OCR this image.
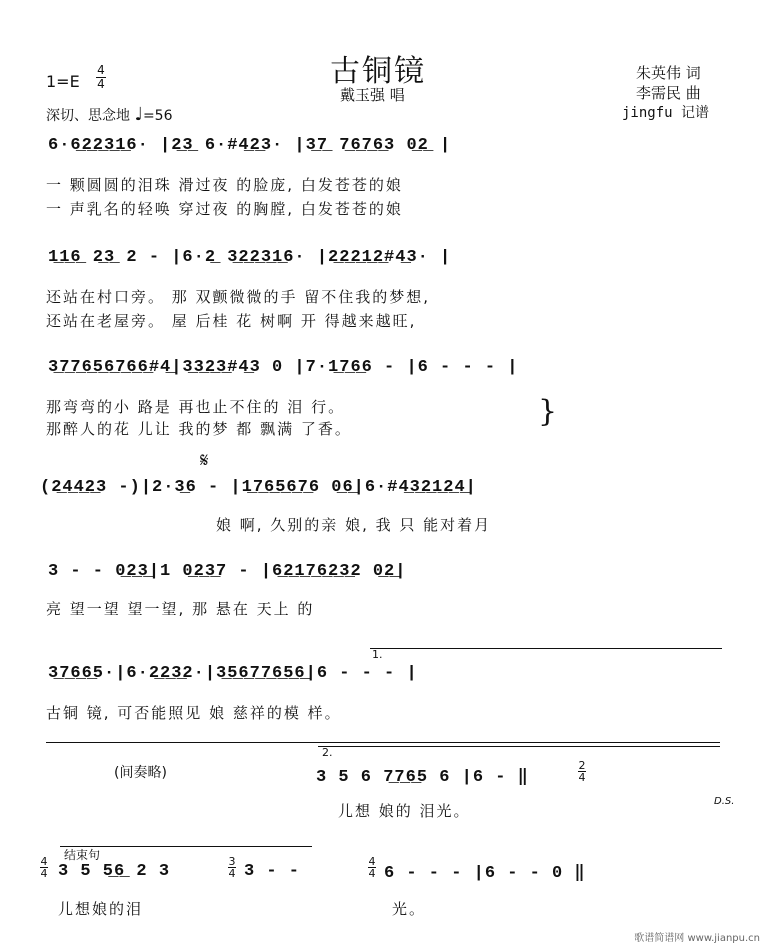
古铜镜
戴玉强 唱
朱英伟 词
李需民 曲
jingfu 记谱
1=E
4
4
深切、思念地 ♩=56
6·6̲2̲2̲3̲1̲6· |2̲3̲ 6·#4̲2̲3· |3̲7̲ 7̲6̲7̲6̲3 0̲2̲ |
一 颗圆圆的泪珠 滑过夜 的脸庞, 白发苍苍的娘
一 声乳名的轻唤 穿过夜 的胸膛, 白发苍苍的娘
1̲1̲6̲ 2̲3̲ 2 - |6·2̲ 3̲2̲2̲3̲1̲6· |2̲2̲2̲1̲2̲#4̲3· |
还站在村口旁。 那 双颤微微的手 留不住我的梦想,
还站在老屋旁。 屋 后桂 花 树啊 开 得越来越旺,
3̲7̲7̲6̲5̲6̲7̲6̲6̲#4̲|3̲3̲2̲3̲#4̲3 0 |7·1̲7̲6̲6 - |6 - - - |
那弯弯的小 路是 再也止不住的 泪 行。
那醉人的花 儿让 我的梦 都 飘满 了香。	}
𝄋
(2̲4̲4̲2̲3 -)|2·3̲6 - |1̲7̲6̲5̲6̲7̲6 0̲6̲|6·#4̲3̲2̲1̲2̲4̲|
娘 啊, 久别的亲 娘, 我 只 能对着月
3 - - 0̲2̲3̲|1 0̲2̲3̲7 - |6̲2̲1̲7̲6̲2̲3̲2 0̲2̲|
亮 望一望 望一望, 那 悬在 天上 的
1.
3̲7̲6̲6̲5·|6·2̲2̲3̲2·|3̲5̲6̲7̲7̲6̲5̲6̲|6 - - - |
古铜 镜, 可否能照见 娘 慈祥的模 样。
2.
(间奏略)	3 5 6 7̲7̲6̲5 6 |6 - ‖	$\frac{2}{4}$
D.S.
儿想 娘的 泪光。
结束句
$\frac{4}{4} 3$ 5 5̲6̲ 2 3	$\frac{3}{4} 3$ - -	$\frac{4}{4} 6$ - - - |6 - - 0 ‖
儿想娘的泪	光。
歌谱简谱网 www.jianpu.cn
